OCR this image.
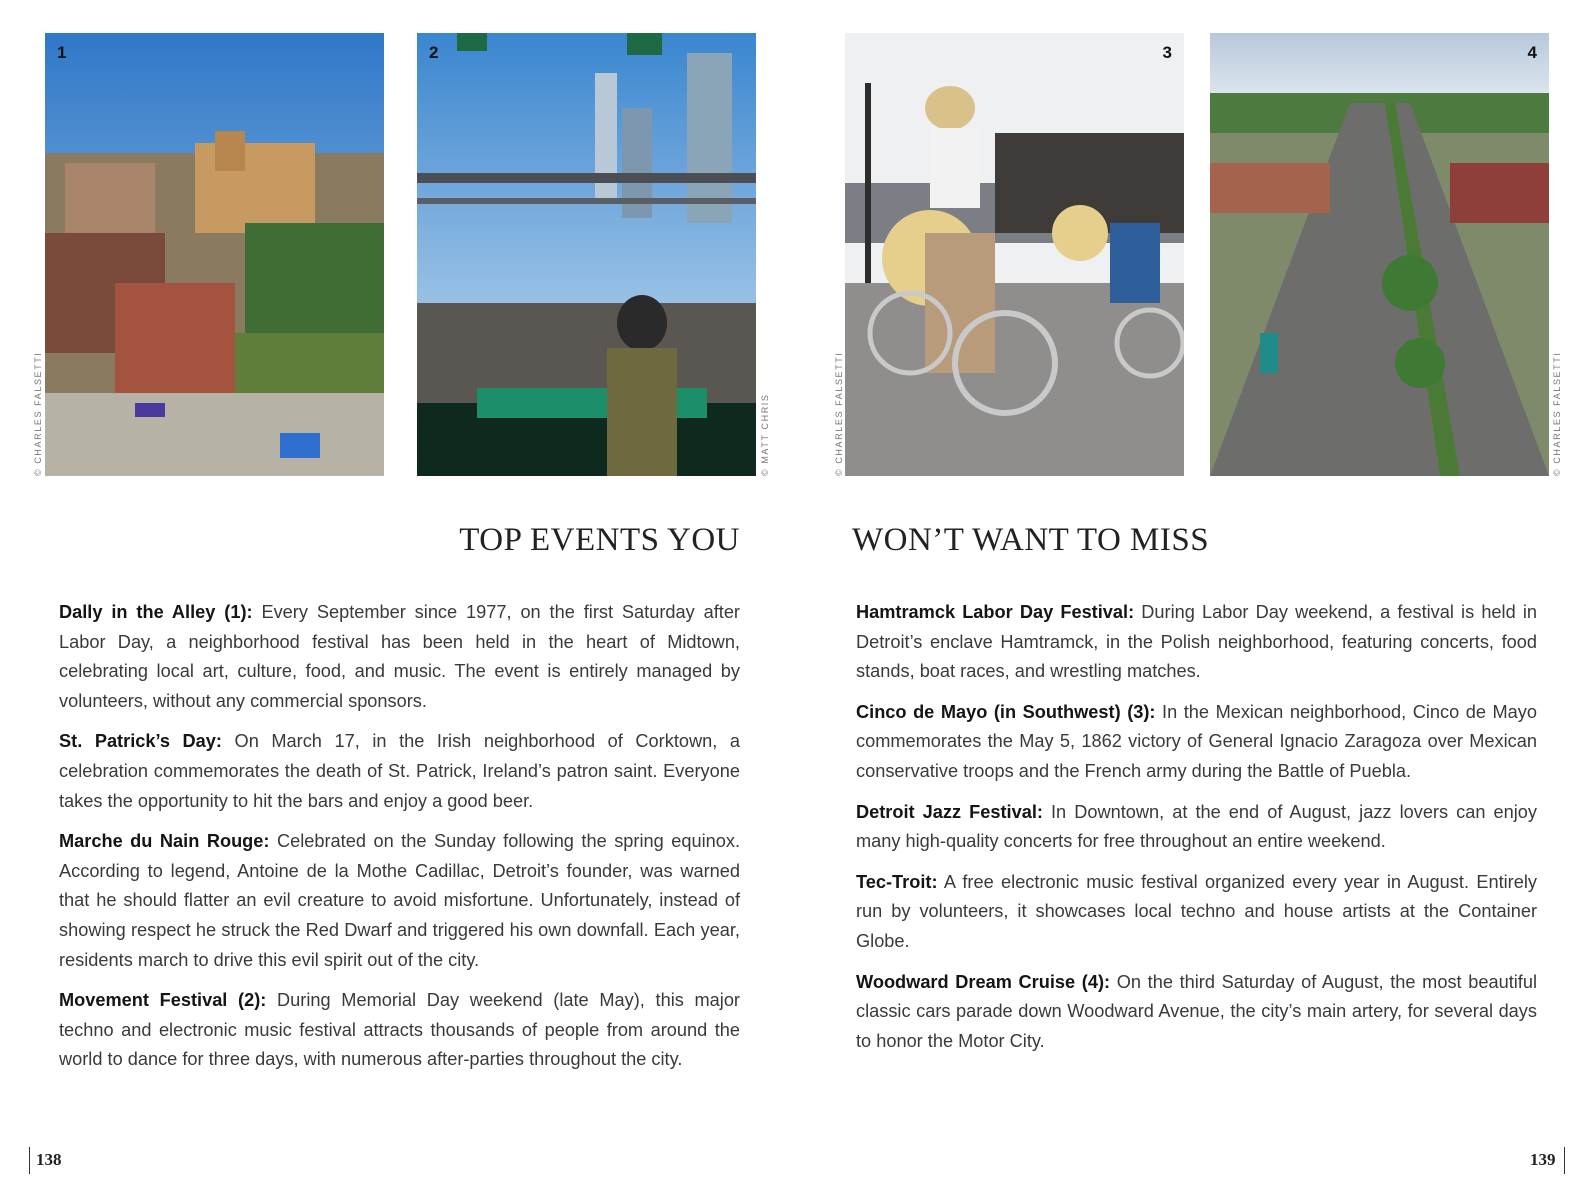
1
© CHARLES FALSETTI
2
© MATT CHRIS
3
© CHARLES FALSETTI
4
© CHARLES FALSETTI
TOP EVENTS YOU	WON’T WANT TO MISS

Dally in the Alley (1): Every September since 1977, on the first Saturday after Labor Day, a neighborhood festival has been held in the heart of Midtown, celebrating local art, culture, food, and music. The event is entirely managed by volunteers, without any commercial sponsors.

St. Patrick’s Day: On March 17, in the Irish neighborhood of Corktown, a celebration commemorates the death of St. Patrick, Ireland’s patron saint. Everyone takes the opportunity to hit the bars and enjoy a good beer.

Marche du Nain Rouge: Celebrated on the Sunday following the spring equinox. According to legend, Antoine de la Mothe Cadillac, Detroit’s founder, was warned that he should flatter an evil creature to avoid misfortune. Unfortunately, instead of showing respect he struck the Red Dwarf and triggered his own downfall. Each year, residents march to drive this evil spirit out of the city.

Movement Festival (2): During Memorial Day weekend (late May), this major techno and electronic music festival attracts thousands of people from around the world to dance for three days, with numerous after-parties throughout the city.

Hamtramck Labor Day Festival: During Labor Day weekend, a festival is held in Detroit’s enclave Hamtramck, in the Polish neighborhood, featuring concerts, food stands, boat races, and wrestling matches.

Cinco de Mayo (in Southwest) (3): In the Mexican neighborhood, Cinco de Mayo commemorates the May 5, 1862 victory of General Ignacio Zaragoza over Mexican conservative troops and the French army during the Battle of Puebla.

Detroit Jazz Festival: In Downtown, at the end of August, jazz lovers can enjoy many high-quality concerts for free throughout an entire weekend.

Tec-Troit: A free electronic music festival organized every year in August. Entirely run by volunteers, it showcases local techno and house artists at the Container Globe.

Woodward Dream Cruise (4): On the third Saturday of August, the most beautiful classic cars parade down Woodward Avenue, the city’s main artery, for several days to honor the Motor City.

138	139
